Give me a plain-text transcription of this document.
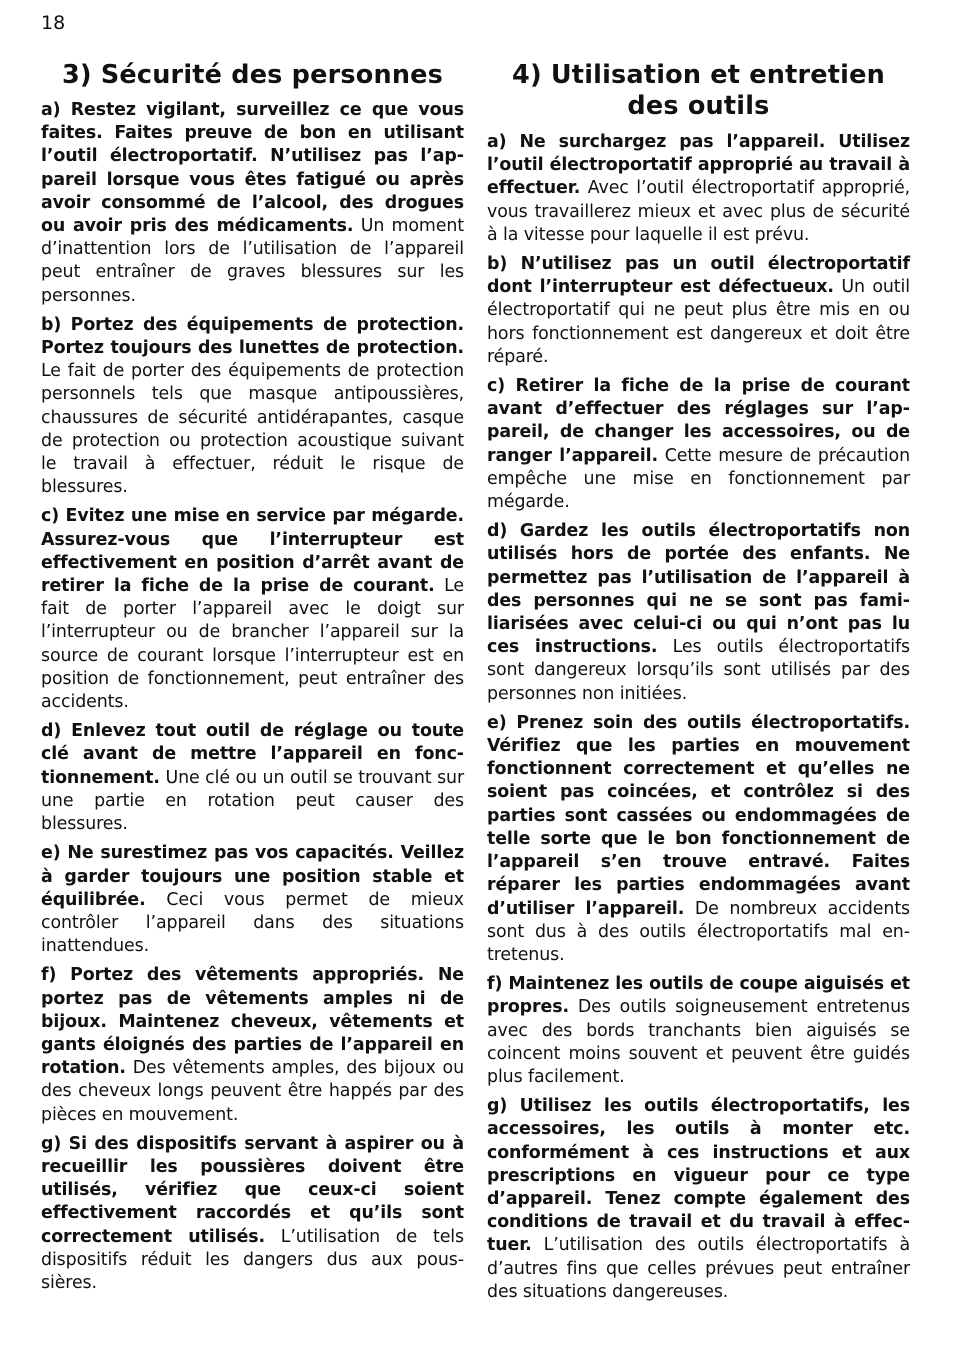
18
3) Sécurité des personnes

a) Restez vigilant, surveillez ce que vous faites. Faites preuve de bon en utilisant l’outil électroportatif. N’utilisez pas l’appareil lorsque vous êtes fatigué ou après avoir consommé de l’alcool, des drogues ou avoir pris des médicaments. Un moment d’inattention lors de l’utilisation de l’appareil peut entraîner de graves blessures sur les personnes.

b) Portez des équipements de protection. Portez toujours des lunettes de protection. Le fait de porter des équipements de protection personnels tels que masque antipoussières, chaussures de sécurité antidérapantes, casque de protection ou protection acoustique suivant le travail à effectuer, réduit le risque de blessures.

c) Evitez une mise en service par mégarde. Assurez-vous que l’interrupteur est effectivement en position d’arrêt avant de retirer la fiche de la prise de courant. Le fait de porter l’appareil avec le doigt sur l’interrupteur ou de brancher l’appareil sur la source de courant lorsque l’interrupteur est en position de fonctionnement, peut entraîner des accidents.

d) Enlevez tout outil de réglage ou toute clé avant de mettre l’appareil en fonctionnement. Une clé ou un outil se trouvant sur une partie en rotation peut causer des blessures.

e) Ne surestimez pas vos capacités. Veillez à garder toujours une position stable et équilibrée. Ceci vous permet de mieux contrôler l’appareil dans des situations inattendues.

f) Portez des vêtements appropriés. Ne portez pas de vêtements amples ni de bijoux. Maintenez cheveux, vêtements et gants éloignés des parties de l’appareil en rotation. Des vêtements amples, des bijoux ou des cheveux longs peuvent être happés par des pièces en mouvement.

g) Si des dispositifs servant à aspirer ou à recueillir les poussières doivent être utilisés, vérifiez que ceux-ci soient effectivement raccordés et qu’ils sont correctement utilisés. L’utilisation de tels dispositifs réduit les dangers dus aux poussières.

4) Utilisation et entretien des outils

a) Ne surchargez pas l’appareil. Utilisez l’outil électroportatif approprié au travail à effectuer. Avec l’outil électroportatif approprié, vous travaillerez mieux et avec plus de sécurité à la vitesse pour laquelle il est prévu.

b) N’utilisez pas un outil électroportatif dont l’interrupteur est défectueux. Un outil électroportatif qui ne peut plus être mis en ou hors fonctionnement est dangereux et doit être réparé.

c) Retirer la fiche de la prise de courant avant d’effectuer des réglages sur l’appareil, de changer les accessoires, ou de ranger l’appareil. Cette mesure de précaution empêche une mise en fonctionnement par mégarde.

d) Gardez les outils électroportatifs non utilisés hors de portée des enfants. Ne permettez pas l’utilisation de l’appareil à des personnes qui ne se sont pas familiarisées avec celui-ci ou qui n’ont pas lu ces instructions. Les outils électroportatifs sont dangereux lorsqu’ils sont utilisés par des personnes non initiées.

e) Prenez soin des outils électroportatifs. Vérifiez que les parties en mouvement fonctionnent correctement et qu’elles ne soient pas coincées, et contrôlez si des parties sont cassées ou endommagées de telle sorte que le bon fonctionnement de l’appareil s’en trouve entravé. Faites réparer les parties endommagées avant d’utiliser l’appareil. De nombreux accidents sont dus à des outils électroportatifs mal entretenus.

f) Maintenez les outils de coupe aiguisés et propres. Des outils soigneusement entretenus avec des bords tranchants bien aiguisés se coincent moins souvent et peuvent être guidés plus facilement.

g) Utilisez les outils électroportatifs, les accessoires, les outils à monter etc. conformément à ces instructions et aux prescriptions en vigueur pour ce type d’appareil. Tenez compte également des conditions de travail et du travail à effectuer. L’utilisation des outils électroportatifs à d’autres fins que celles prévues peut entraîner des situations dangereuses.
